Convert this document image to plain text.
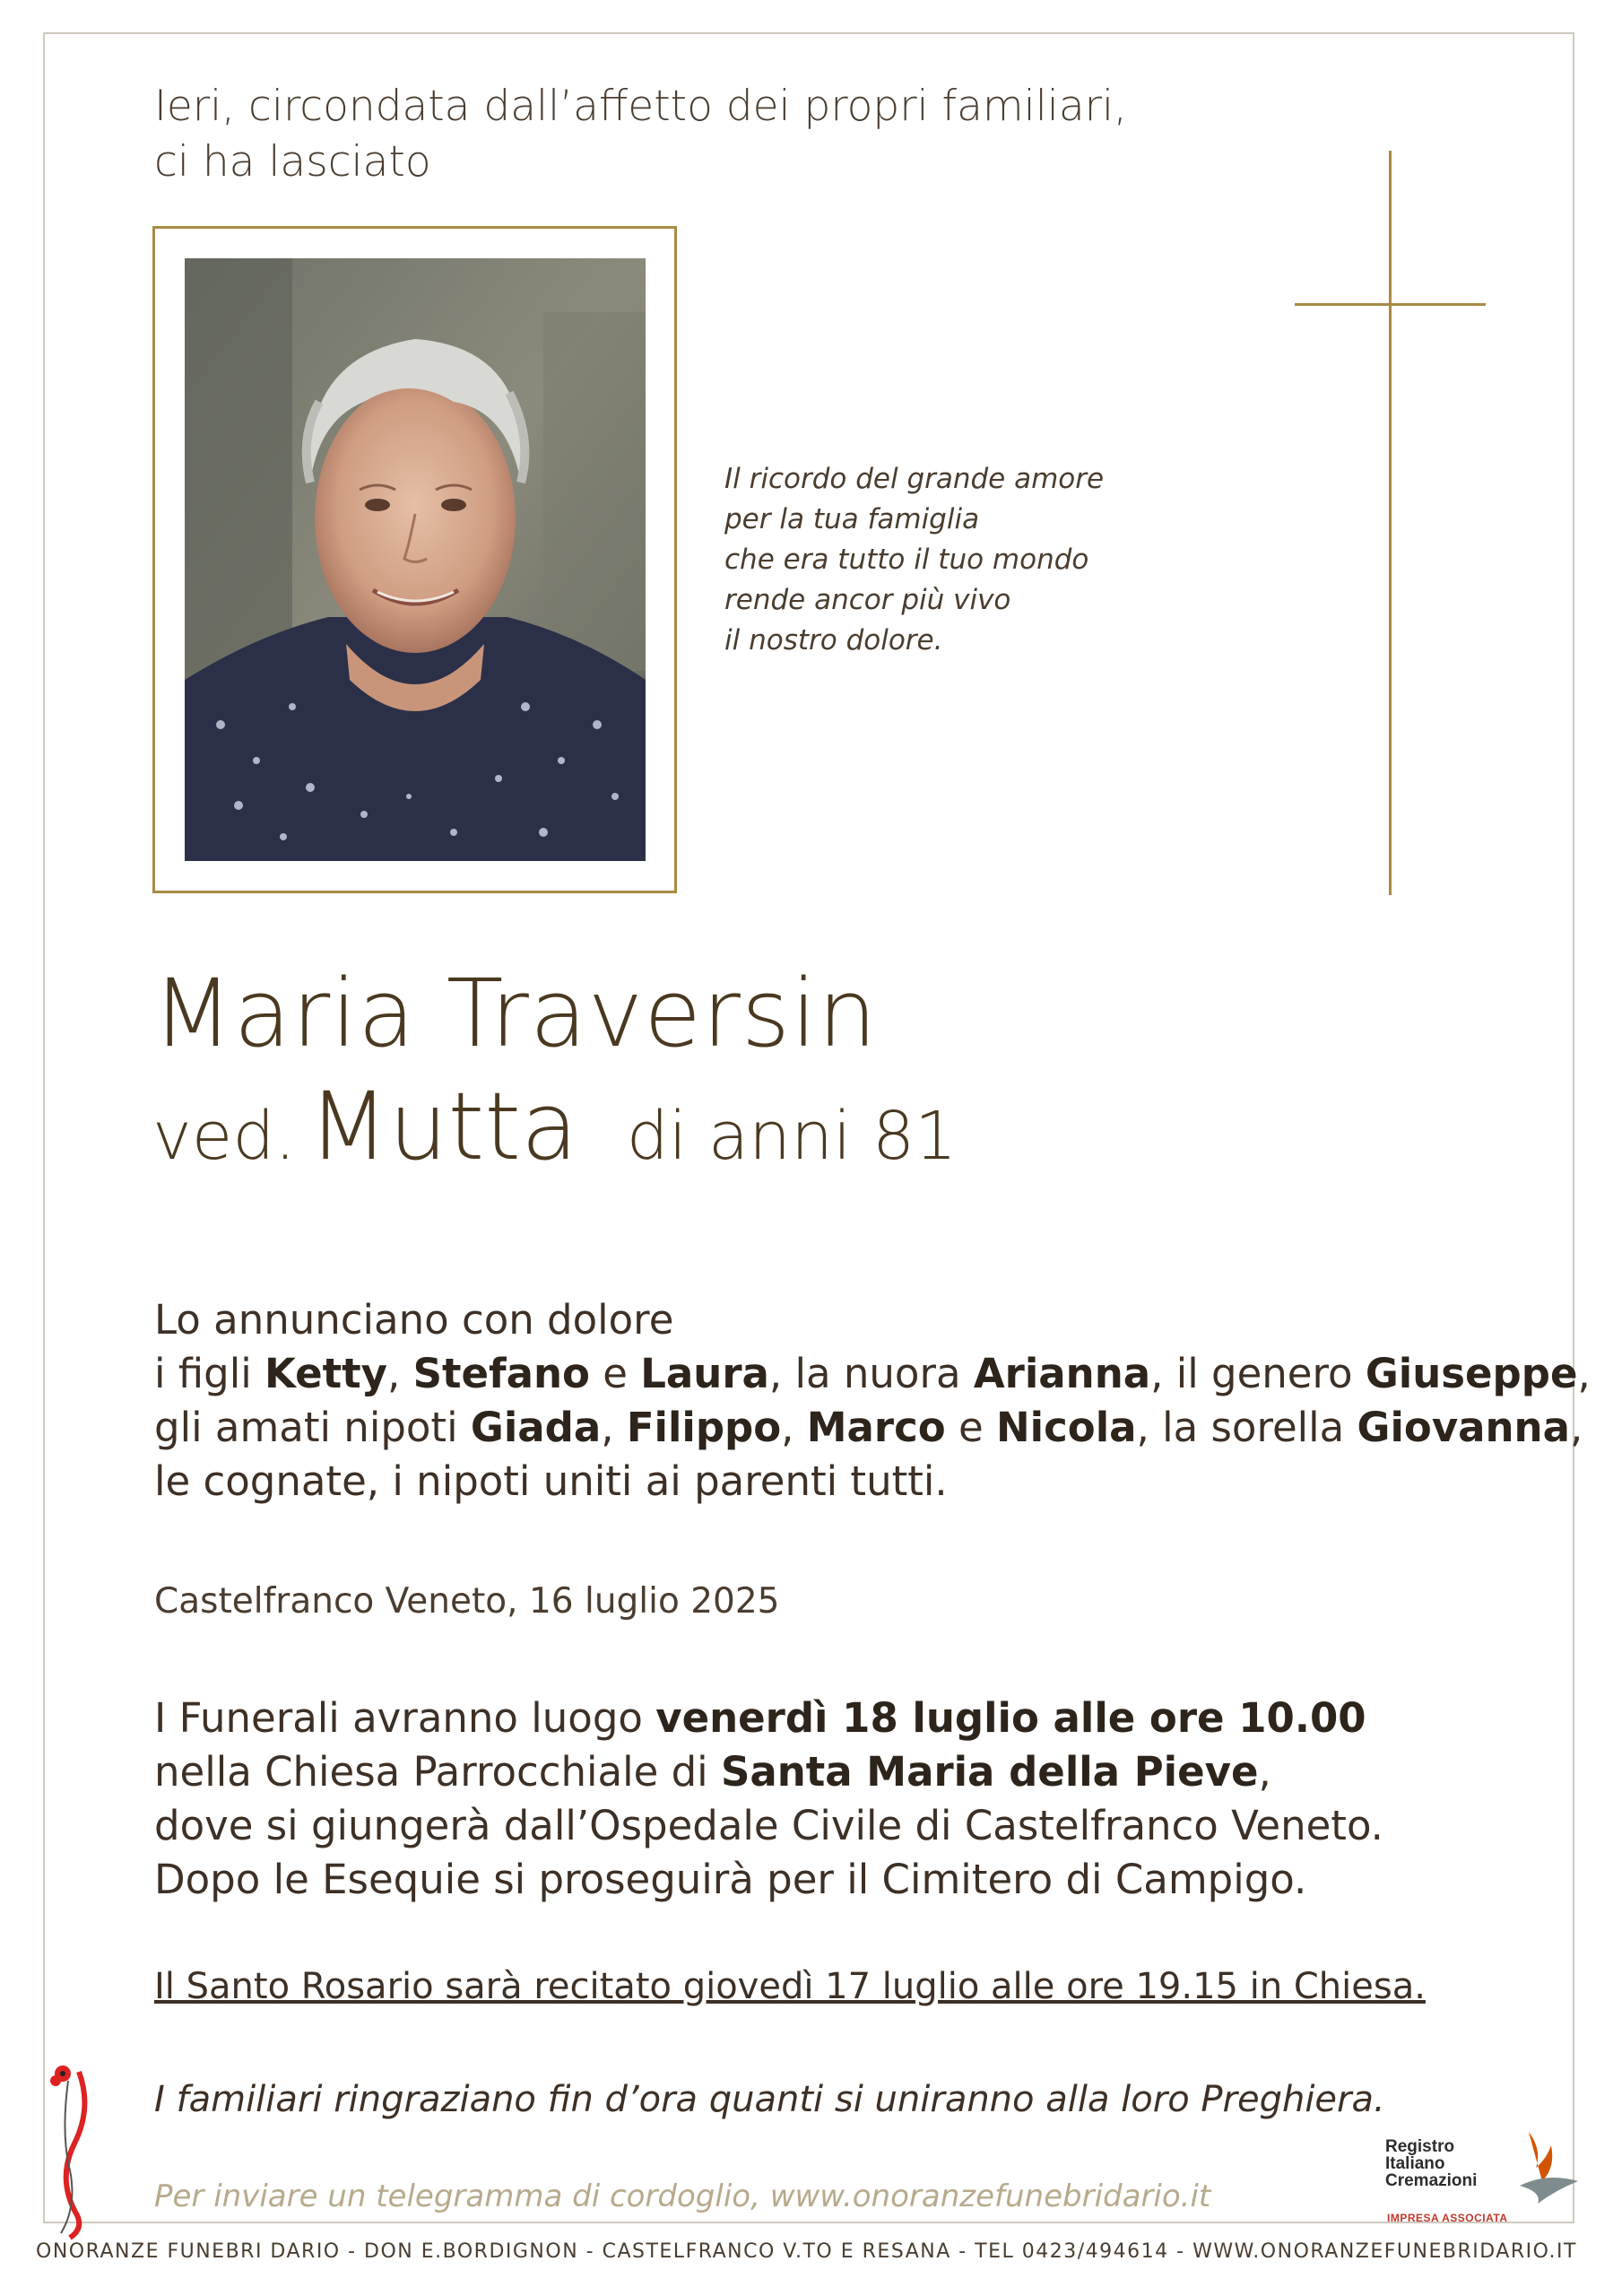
Ieri, circondata dall’affetto dei propri familiari,
ci ha lasciato

Il ricordo del grande amore
per la tua famiglia
che era tutto il tuo mondo
rende ancor più vivo
il nostro dolore.

Maria Traversin
ved. Mutta di anni 81

Lo annunciano con dolore
i figli Ketty, Stefano e Laura, la nuora Arianna, il genero Giuseppe,
gli amati nipoti Giada, Filippo, Marco e Nicola, la sorella Giovanna,
le cognate, i nipoti uniti ai parenti tutti.

Castelfranco Veneto, 16 luglio 2025

I Funerali avranno luogo venerdì 18 luglio alle ore 10.00
nella Chiesa Parrocchiale di Santa Maria della Pieve,
dove si giungerà dall’Ospedale Civile di Castelfranco Veneto.
Dopo le Esequie si proseguirà per il Cimitero di Campigo.

Il Santo Rosario sarà recitato giovedì 17 luglio alle ore 19.15 in Chiesa.

I familiari ringraziano fin d’ora quanti si uniranno alla loro Preghiera.

Per inviare un telegramma di cordoglio, www.onoranzefunebridario.it

Registro
Italiano
Cremazioni
IMPRESA ASSOCIATA

ONORANZE FUNEBRI DARIO - DON E.BORDIGNON - CASTELFRANCO V.TO E RESANA - TEL 0423/494614 - WWW.ONORANZEFUNEBRIDARIO.IT
